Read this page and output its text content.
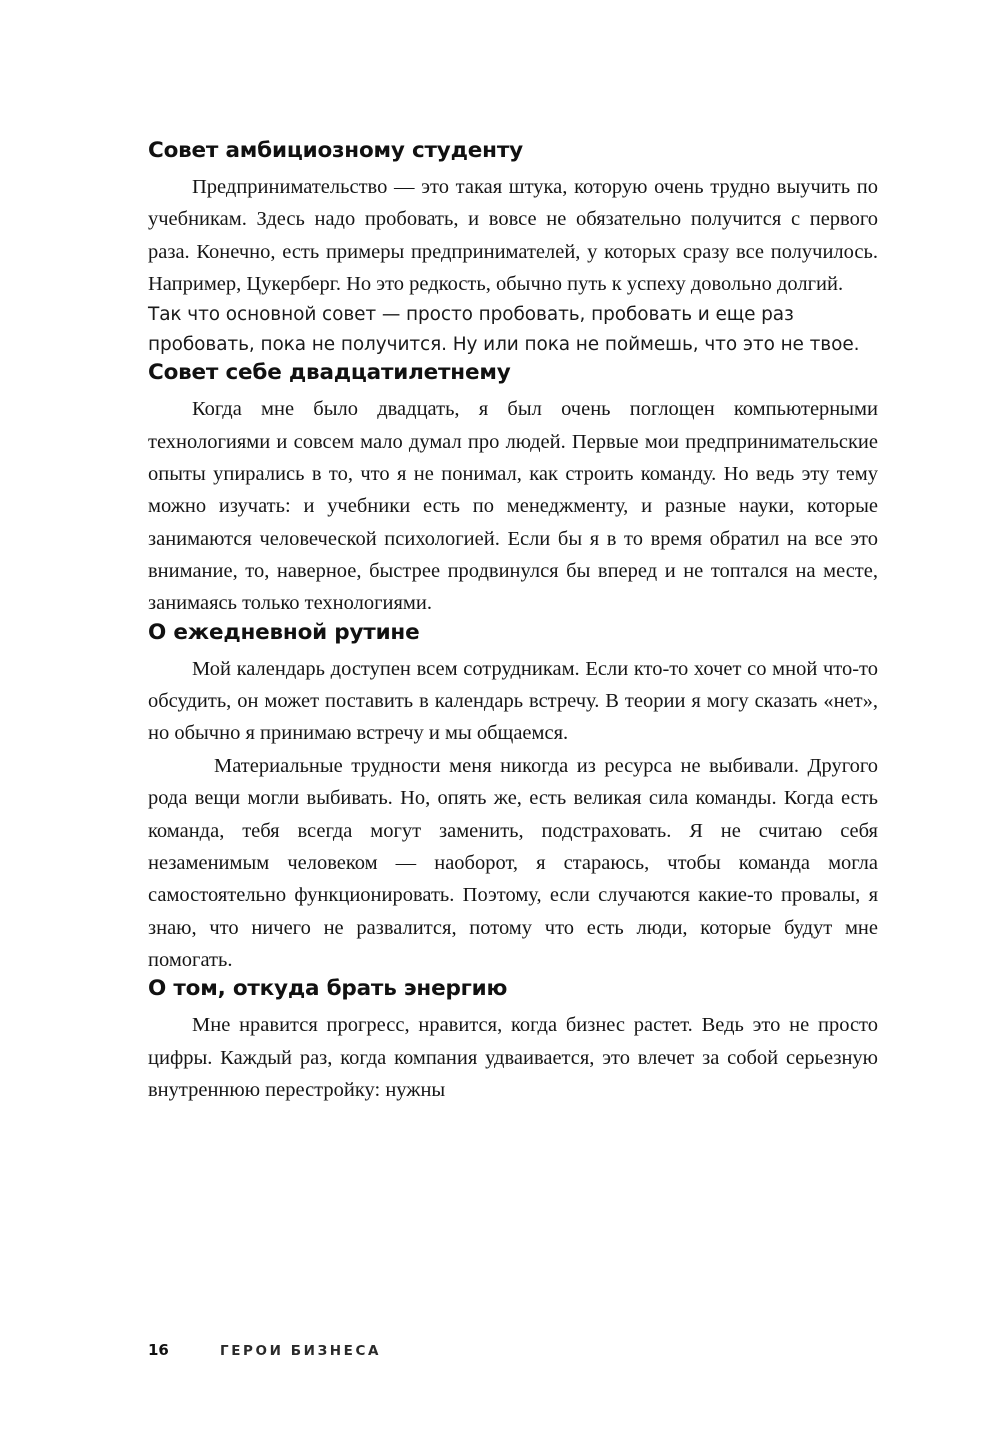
Совет амбициозному студенту

Предпринимательство — это такая штука, которую очень трудно выучить по учебникам. Здесь надо пробовать, и вовсе не обязательно получится с первого раза. Конечно, есть примеры предпринимателей, у которых сразу все получилось. Например, Цукерберг. Но это редкость, обычно путь к успеху довольно долгий.

Так что основной совет — просто пробовать, пробовать и еще раз пробовать, пока не получится. Ну или пока не поймешь, что это не твое.

Совет себе двадцатилетнему

Когда мне было двадцать, я был очень поглощен компьютерными технологиями и совсем мало думал про людей. Первые мои предпринимательские опыты упирались в то, что я не понимал, как строить команду. Но ведь эту тему можно изучать: и учебники есть по менеджменту, и разные науки, которые занимаются человеческой психологией. Если бы я в то время обратил на все это внимание, то, наверное, быстрее продвинулся бы вперед и не топтался на месте, занимаясь только технологиями.

О ежедневной рутине

Мой календарь доступен всем сотрудникам. Если кто-то хочет со мной что-то обсудить, он может поставить в календарь встречу. В теории я могу сказать «нет», но обычно я принимаю встречу и мы общаемся.

Материальные трудности меня никогда из ресурса не выбивали. Другого рода вещи могли выбивать. Но, опять же, есть великая сила команды. Когда есть команда, тебя всегда могут заменить, подстраховать. Я не считаю себя незаменимым человеком — наоборот, я стараюсь, чтобы команда могла самостоятельно функционировать. Поэтому, если случаются какие-то провалы, я знаю, что ничего не развалится, потому что есть люди, которые будут мне помогать.

О том, откуда брать энергию

Мне нравится прогресс, нравится, когда бизнес растет. Ведь это не просто цифры. Каждый раз, когда компания удваивается, это влечет за собой серьезную внутреннюю перестройку: нужны

16	ГЕРОИ БИЗНЕСА
